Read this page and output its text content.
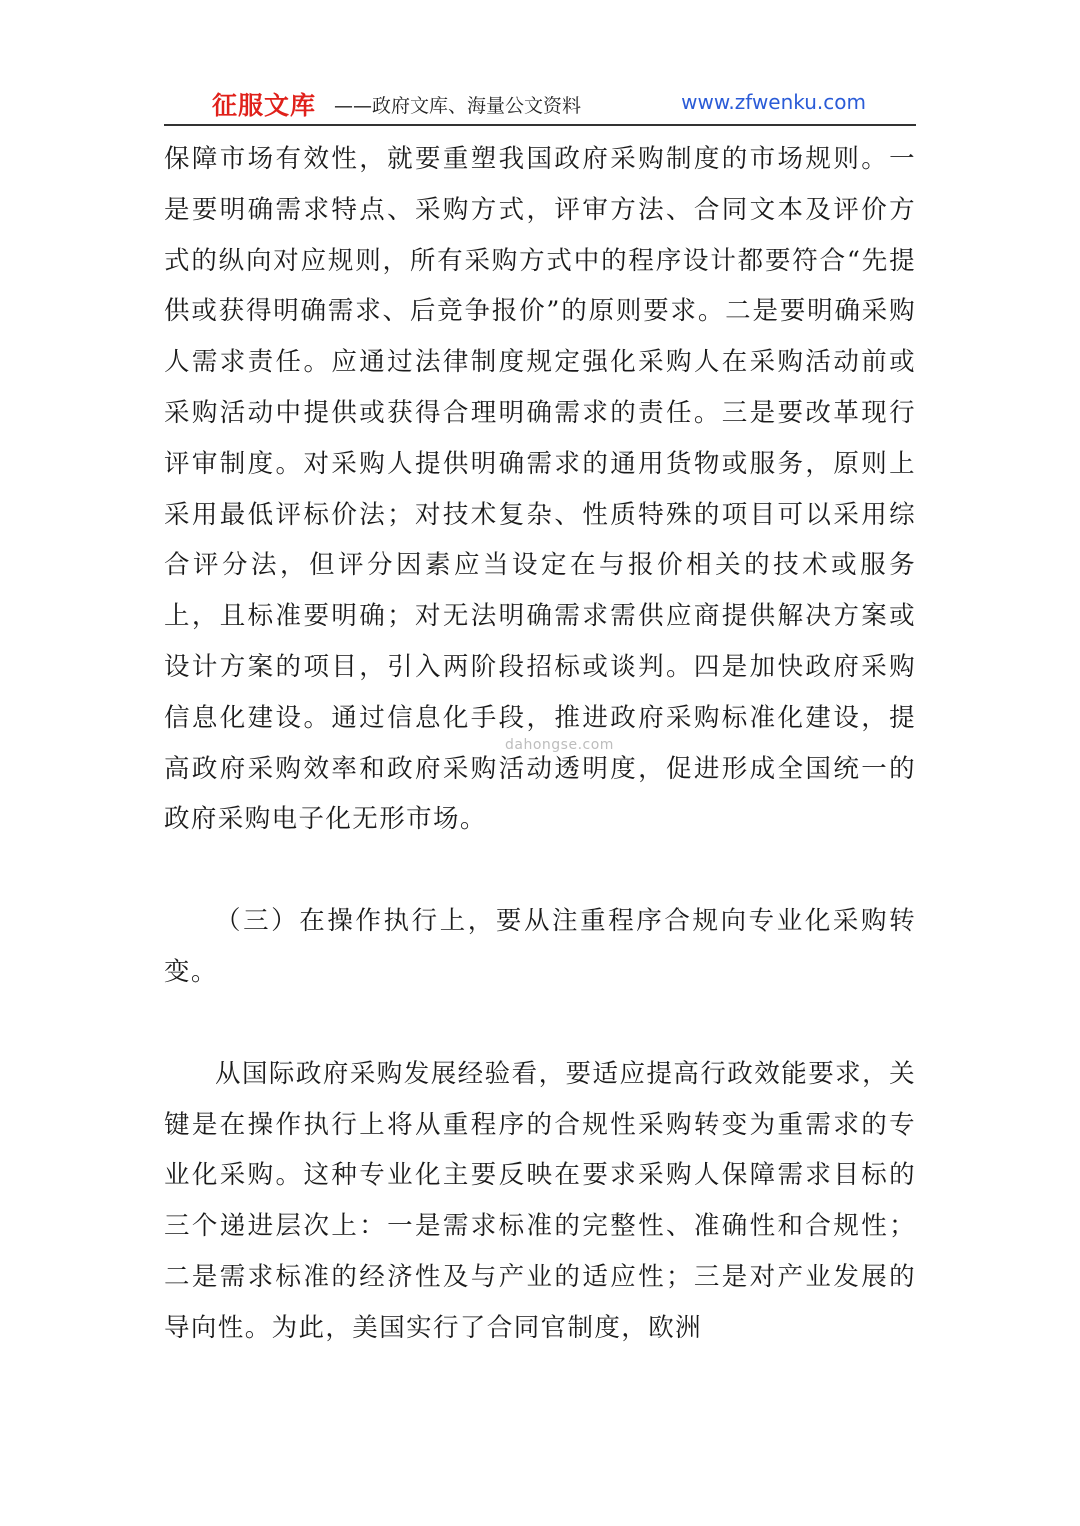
征服文库 ——政府文库、海量公文资料	www.zfwenku.com

保障市场有效性，就要重塑我国政府采购制度的市场规则。一是要明确需求特点、采购方式，评审方法、合同文本及评价方式的纵向对应规则，所有采购方式中的程序设计都要符合“先提供或获得明确需求、后竞争报价”的原则要求。二是要明确采购人需求责任。应通过法律制度规定强化采购人在采购活动前或采购活动中提供或获得合理明确需求的责任。三是要改革现行评审制度。对采购人提供明确需求的通用货物或服务，原则上采用最低评标价法；对技术复杂、性质特殊的项目可以采用综合评分法，但评分因素应当设定在与报价相关的技术或服务上，且标准要明确；对无法明确需求需供应商提供解决方案或设计方案的项目，引入两阶段招标或谈判。四是加快政府采购信息化建设。通过信息化手段，推进政府采购标准化建设，提高政府采购效率和政府采购活动透明度，促进形成全国统一的政府采购电子化无形市场。

（三）在操作执行上，要从注重程序合规向专业化采购转变。

从国际政府采购发展经验看，要适应提高行政效能要求，关键是在操作执行上将从重程序的合规性采购转变为重需求的专业化采购。这种专业化主要反映在要求采购人保障需求目标的三个递进层次上：一是需求标准的完整性、准确性和合规性；二是需求标准的经济性及与产业的适应性；三是对产业发展的导向性。为此，美国实行了合同官制度，欧洲

dahongse.com
